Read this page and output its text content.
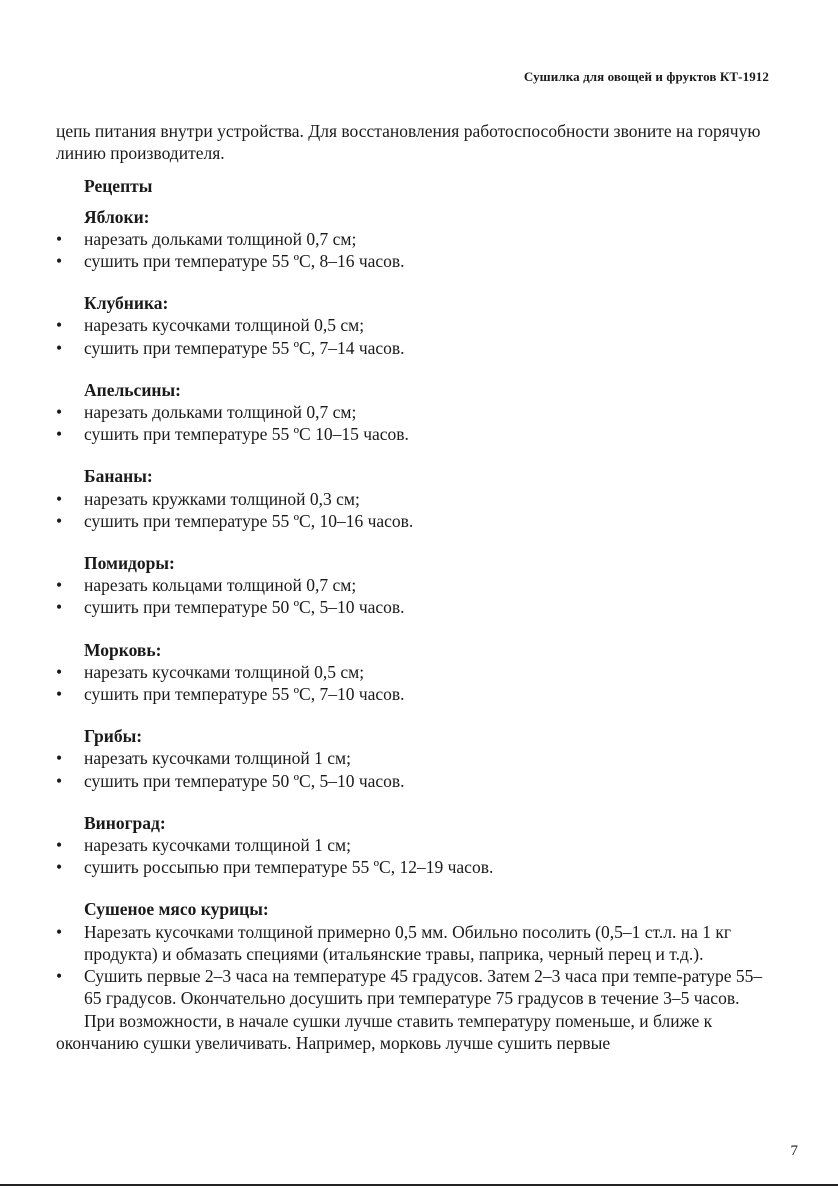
Сушилка для овощей и фруктов КТ-1912

цепь питания внутри устройства. Для восстановления работоспособности звоните на горячую линию производителя.

Рецепты

Яблоки:

• нарезать дольками толщиной 0,7 см;
• сушить при температуре 55 ºС, 8–16 часов.

Клубника:

• нарезать кусочками толщиной 0,5 см;
• сушить при температуре 55 ºС, 7–14 часов.

Апельсины:

• нарезать дольками толщиной 0,7 см;
• сушить при температуре 55 ºС 10–15 часов.

Бананы:

• нарезать кружками толщиной 0,3 см;
• сушить при температуре 55 ºС, 10–16 часов.

Помидоры:

• нарезать кольцами толщиной 0,7 см;
• сушить при температуре 50 ºС, 5–10 часов.

Морковь:

• нарезать кусочками толщиной 0,5 см;
• сушить при температуре 55 ºС, 7–10 часов.

Грибы:

• нарезать кусочками толщиной 1 см;
• сушить при температуре 50 ºС, 5–10 часов.

Виноград:

• нарезать кусочками толщиной 1 см;
• сушить россыпью при температуре 55 ºС, 12–19 часов.

Сушеное мясо курицы:

• Нарезать кусочками толщиной примерно 0,5 мм. Обильно посолить (0,5–1 ст.л. на 1 кг продукта) и обмазать специями (итальянские травы, паприка, черный перец и т.д.).
• Сушить первые 2–3 часа на температуре 45 градусов. Затем 2–3 часа при темпе-ратуре 55–65 градусов. Окончательно досушить при температуре 75 градусов в течение 3–5 часов.

При возможности, в начале сушки лучше ставить температуру поменьше, и ближе к окончанию сушки увеличивать. Например, морковь лучше сушить первые

7
